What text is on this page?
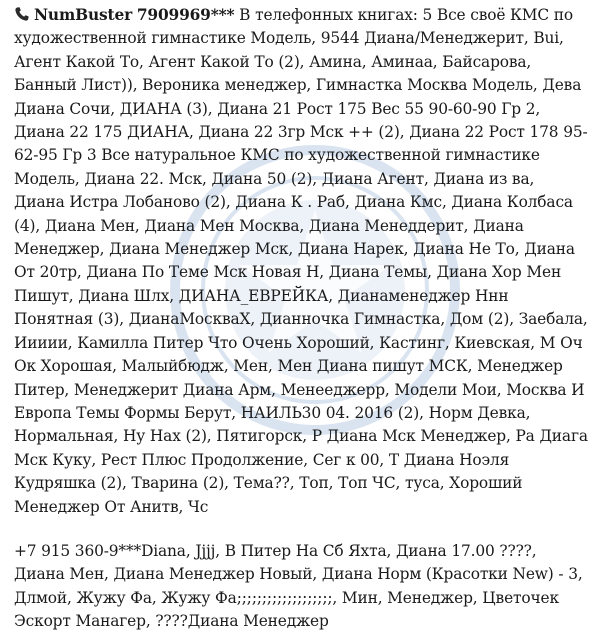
NumBuster 7909969*** В телефонных книгах: 5 Все своё КМС по художественной гимнастике Модель, 9544 Диана/Менеджерит, Bui, Агент Какой То, Агент Какой То (2), Амина, Аминаа, Байсарова, Банный Лист)), Вероника менеджер, Гимнастка Москва Модель, Дева Диана Сочи, ДИАНА (3), Диана 21 Рост 175 Вес 55 90-60-90 Гр 2, Диана 22 175 ДИАНА, Диана 22 3гр Мск ++ (2), Диана 22 Рост 178 95-62-95 Гр 3 Все натуральное КМС по художественной гимнастике Модель, Диана 22. Мск, Диана 50 (2), Диана Агент, Диана из ва, Диана Истра Лобаново (2), Диана К . Раб, Диана Кмс, Диана Колбаса (4), Диана Мен, Диана Мен Москва, Диана Менеддерит, Диана Менеджер, Диана Менеджер Мск, Диана Нарек, Диана Не То, Диана От 20тр, Диана По Теме Мск Новая Н, Диана Темы, Диана Хор Мен Пишут, Диана Шлх, ДИАНА_ЕВРЕЙКА, Дианаменеджер Ннн Понятная (3), ДианаМоскваХ, Дианночка Гимнастка, Дом (2), Заебала, Иииии, Камилла Питер Что Очень Хороший, Кастинг, Киевская, М Оч Ок Хорошая, Малыйбюдж, Мен, Мен Диана пишут МСК, Менеджер Питер, Менеджерит Диана Арм, Менееджерр, Модели Мои, Москва И Европа Темы Формы Берут, НАИЛЬ30 04. 2016 (2), Норм Девка, Нормальная, Ну Нах (2), Пятигорск, Р Диана Мск Менеджер, Ра Диага Мск Куку, Рест Плюс Продолжение, Сег к 00, Т Диана Ноэля Кудряшка (2), Тварина (2), Тема??, Топ, Топ ЧС, туса, Хороший Менеджер От Анитв, Чс

+7 915 360-9***Diana, Jjjj, В Питер На Сб Яхта, Диана 17.00 ????, Диана Мен, Диана Менеджер Новый, Диана Норм (Красотки New) - 3, Длмой, Жужу Фа, Жужу Фа;;;;;;;;;;;;;;;;;;;, Мин, Менеджер, Цветочек Эскорт Манагер, ????Диана Менеджер
